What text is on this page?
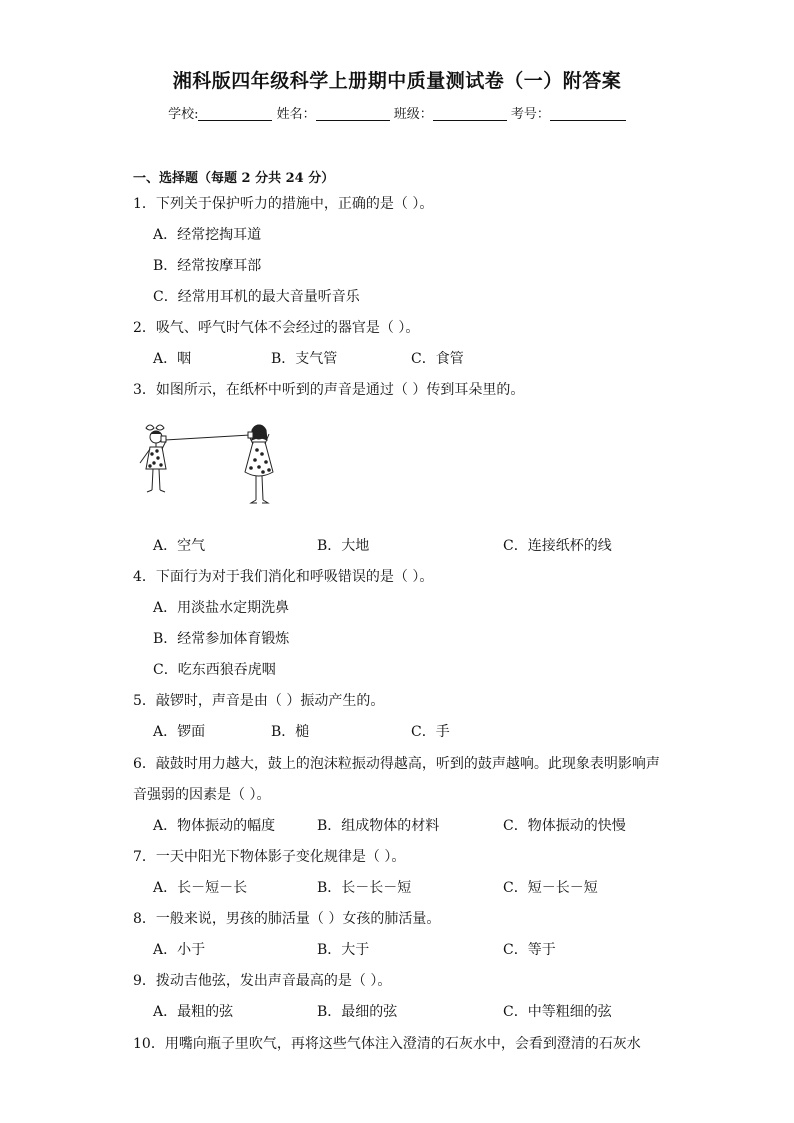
湘科版四年级科学上册期中质量测试卷（一）附答案
学校:	姓名：	班级：	考号：
一、选择题（每题 2 分共 24 分）
1．下列关于保护听力的措施中，正确的是（ ）。
A．经常挖掏耳道
B．经常按摩耳部
C．经常用耳机的最大音量听音乐
2．吸气、呼气时气体不会经过的器官是（ ）。
A．咽	B．支气管	C．食管
3．如图所示，在纸杯中听到的声音是通过（ ）传到耳朵里的。
A．空气	B．大地	C．连接纸杯的线
4．下面行为对于我们消化和呼吸错误的是（ ）。
A．用淡盐水定期洗鼻
B．经常参加体育锻炼
C．吃东西狼吞虎咽
5．敲锣时，声音是由（ ）振动产生的。
A．锣面	B．槌	C．手
6．敲鼓时用力越大，鼓上的泡沫粒振动得越高，听到的鼓声越响。此现象表明影响声
音强弱的因素是（ ）。
A．物体振动的幅度	B．组成物体的材料	C．物体振动的快慢
7．一天中阳光下物体影子变化规律是（ ）。
A．长－短－长	B．长－长－短	C．短－长－短
8．一般来说，男孩的肺活量（ ）女孩的肺活量。
A．小于	B．大于	C．等于
9．拨动吉他弦，发出声音最高的是（ ）。
A．最粗的弦	B．最细的弦	C．中等粗细的弦
10．用嘴向瓶子里吹气，再将这些气体注入澄清的石灰水中，会看到澄清的石灰水
